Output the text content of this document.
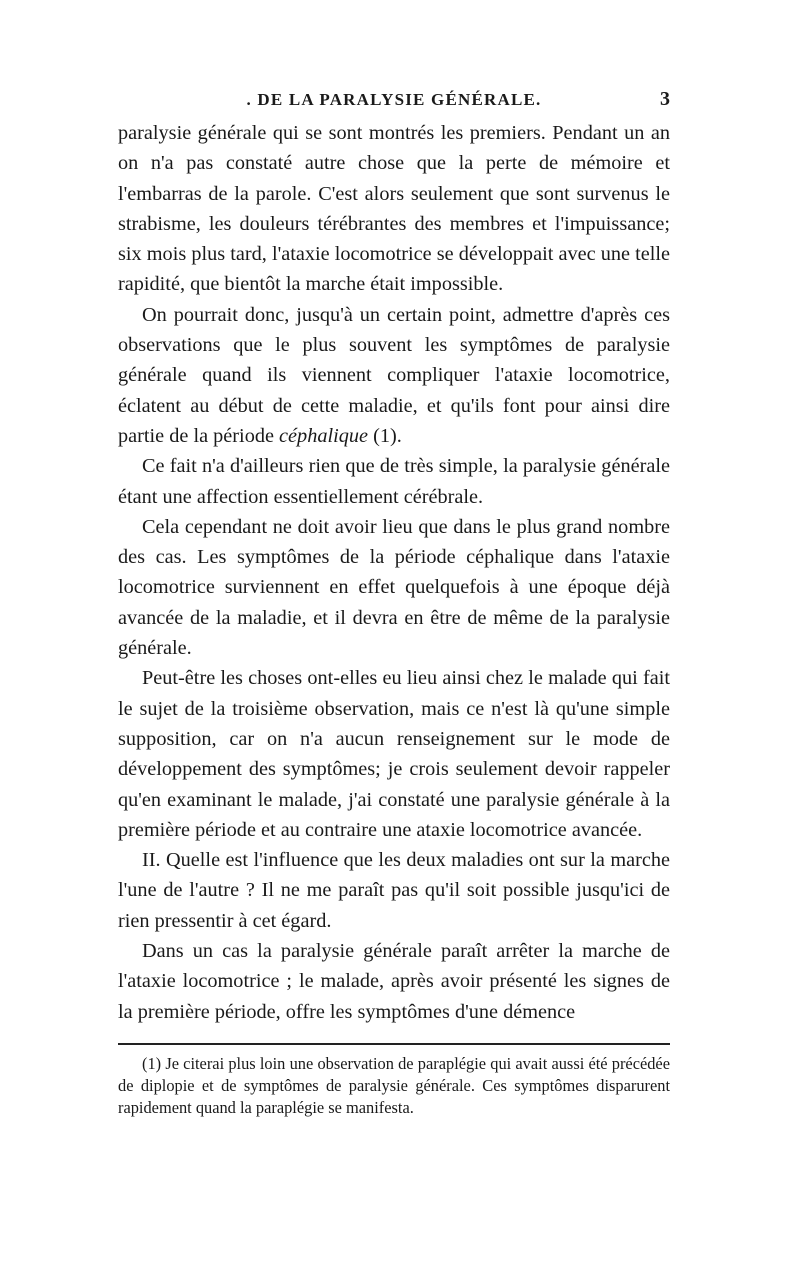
. DE LA PARALYSIE GÉNÉRALE.	3

paralysie générale qui se sont montrés les premiers. Pendant un an on n'a pas constaté autre chose que la perte de mémoire et l'embarras de la parole. C'est alors seulement que sont survenus le strabisme, les douleurs térébrantes des membres et l'impuissance; six mois plus tard, l'ataxie locomotrice se développait avec une telle rapidité, que bientôt la marche était impossible.

On pourrait donc, jusqu'à un certain point, admettre d'après ces observations que le plus souvent les symptômes de paralysie générale quand ils viennent compliquer l'ataxie locomotrice, éclatent au début de cette maladie, et qu'ils font pour ainsi dire partie de la période céphalique (1).

Ce fait n'a d'ailleurs rien que de très simple, la paralysie générale étant une affection essentiellement cérébrale.

Cela cependant ne doit avoir lieu que dans le plus grand nombre des cas. Les symptômes de la période céphalique dans l'ataxie locomotrice surviennent en effet quelquefois à une époque déjà avancée de la maladie, et il devra en être de même de la paralysie générale.

Peut-être les choses ont-elles eu lieu ainsi chez le malade qui fait le sujet de la troisième observation, mais ce n'est là qu'une simple supposition, car on n'a aucun renseignement sur le mode de développement des symptômes; je crois seulement devoir rappeler qu'en examinant le malade, j'ai constaté une paralysie générale à la première période et au contraire une ataxie locomotrice avancée.

II. Quelle est l'influence que les deux maladies ont sur la marche l'une de l'autre ? Il ne me paraît pas qu'il soit possible jusqu'ici de rien pressentir à cet égard.

Dans un cas la paralysie générale paraît arrêter la marche de l'ataxie locomotrice ; le malade, après avoir présenté les signes de la première période, offre les symptômes d'une démence

(1) Je citerai plus loin une observation de paraplégie qui avait aussi été précédée de diplopie et de symptômes de paralysie générale. Ces symptômes disparurent rapidement quand la paraplégie se manifesta.
